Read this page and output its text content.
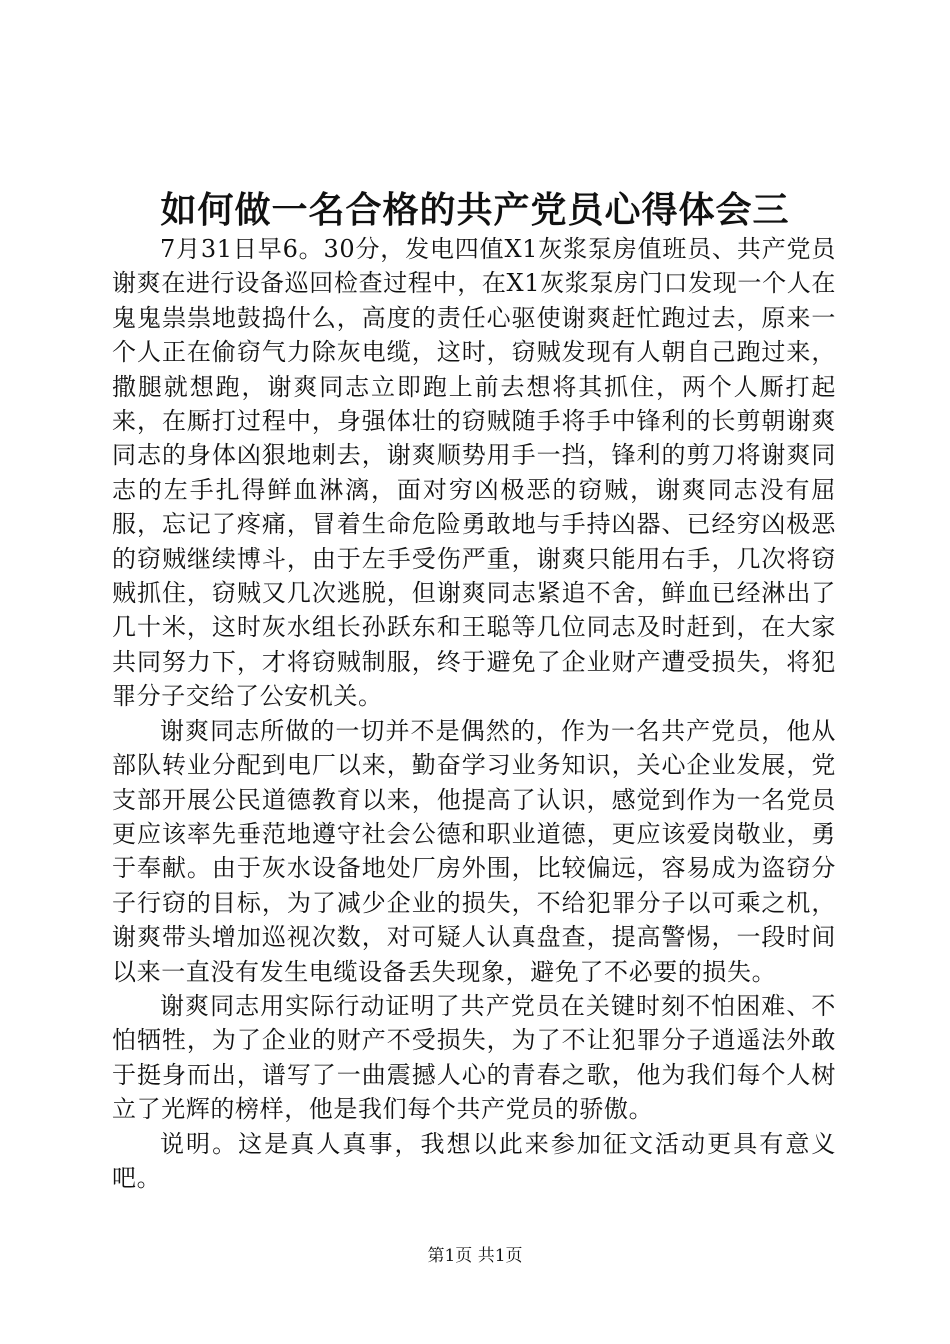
如何做一名合格的共产党员心得体会三

7月31日早6。30分，发电四值X1灰浆泵房值班员、共产党员谢爽在进行设备巡回检查过程中，在X1灰浆泵房门口发现一个人在鬼鬼祟祟地鼓捣什么，高度的责任心驱使谢爽赶忙跑过去，原来一个人正在偷窃气力除灰电缆，这时，窃贼发现有人朝自己跑过来，撒腿就想跑，谢爽同志立即跑上前去想将其抓住，两个人厮打起来，在厮打过程中，身强体壮的窃贼随手将手中锋利的长剪朝谢爽同志的身体凶狠地刺去，谢爽顺势用手一挡，锋利的剪刀将谢爽同志的左手扎得鲜血淋漓，面对穷凶极恶的窃贼，谢爽同志没有屈服，忘记了疼痛，冒着生命危险勇敢地与手持凶器、已经穷凶极恶的窃贼继续博斗，由于左手受伤严重，谢爽只能用右手，几次将窃贼抓住，窃贼又几次逃脱，但谢爽同志紧追不舍，鲜血已经淋出了几十米，这时灰水组长孙跃东和王聪等几位同志及时赶到，在大家共同努力下，才将窃贼制服，终于避免了企业财产遭受损失，将犯罪分子交给了公安机关。

谢爽同志所做的一切并不是偶然的，作为一名共产党员，他从部队转业分配到电厂以来，勤奋学习业务知识，关心企业发展，党支部开展公民道德教育以来，他提高了认识，感觉到作为一名党员更应该率先垂范地遵守社会公德和职业道德，更应该爱岗敬业，勇于奉献。由于灰水设备地处厂房外围，比较偏远，容易成为盗窃分子行窃的目标，为了减少企业的损失，不给犯罪分子以可乘之机，谢爽带头增加巡视次数，对可疑人认真盘查，提高警惕，一段时间以来一直没有发生电缆设备丢失现象，避免了不必要的损失。

谢爽同志用实际行动证明了共产党员在关键时刻不怕困难、不怕牺牲，为了企业的财产不受损失，为了不让犯罪分子逍遥法外敢于挺身而出，谱写了一曲震撼人心的青春之歌，他为我们每个人树立了光辉的榜样，他是我们每个共产党员的骄傲。

说明。这是真人真事，我想以此来参加征文活动更具有意义吧。

第1页 共1页
